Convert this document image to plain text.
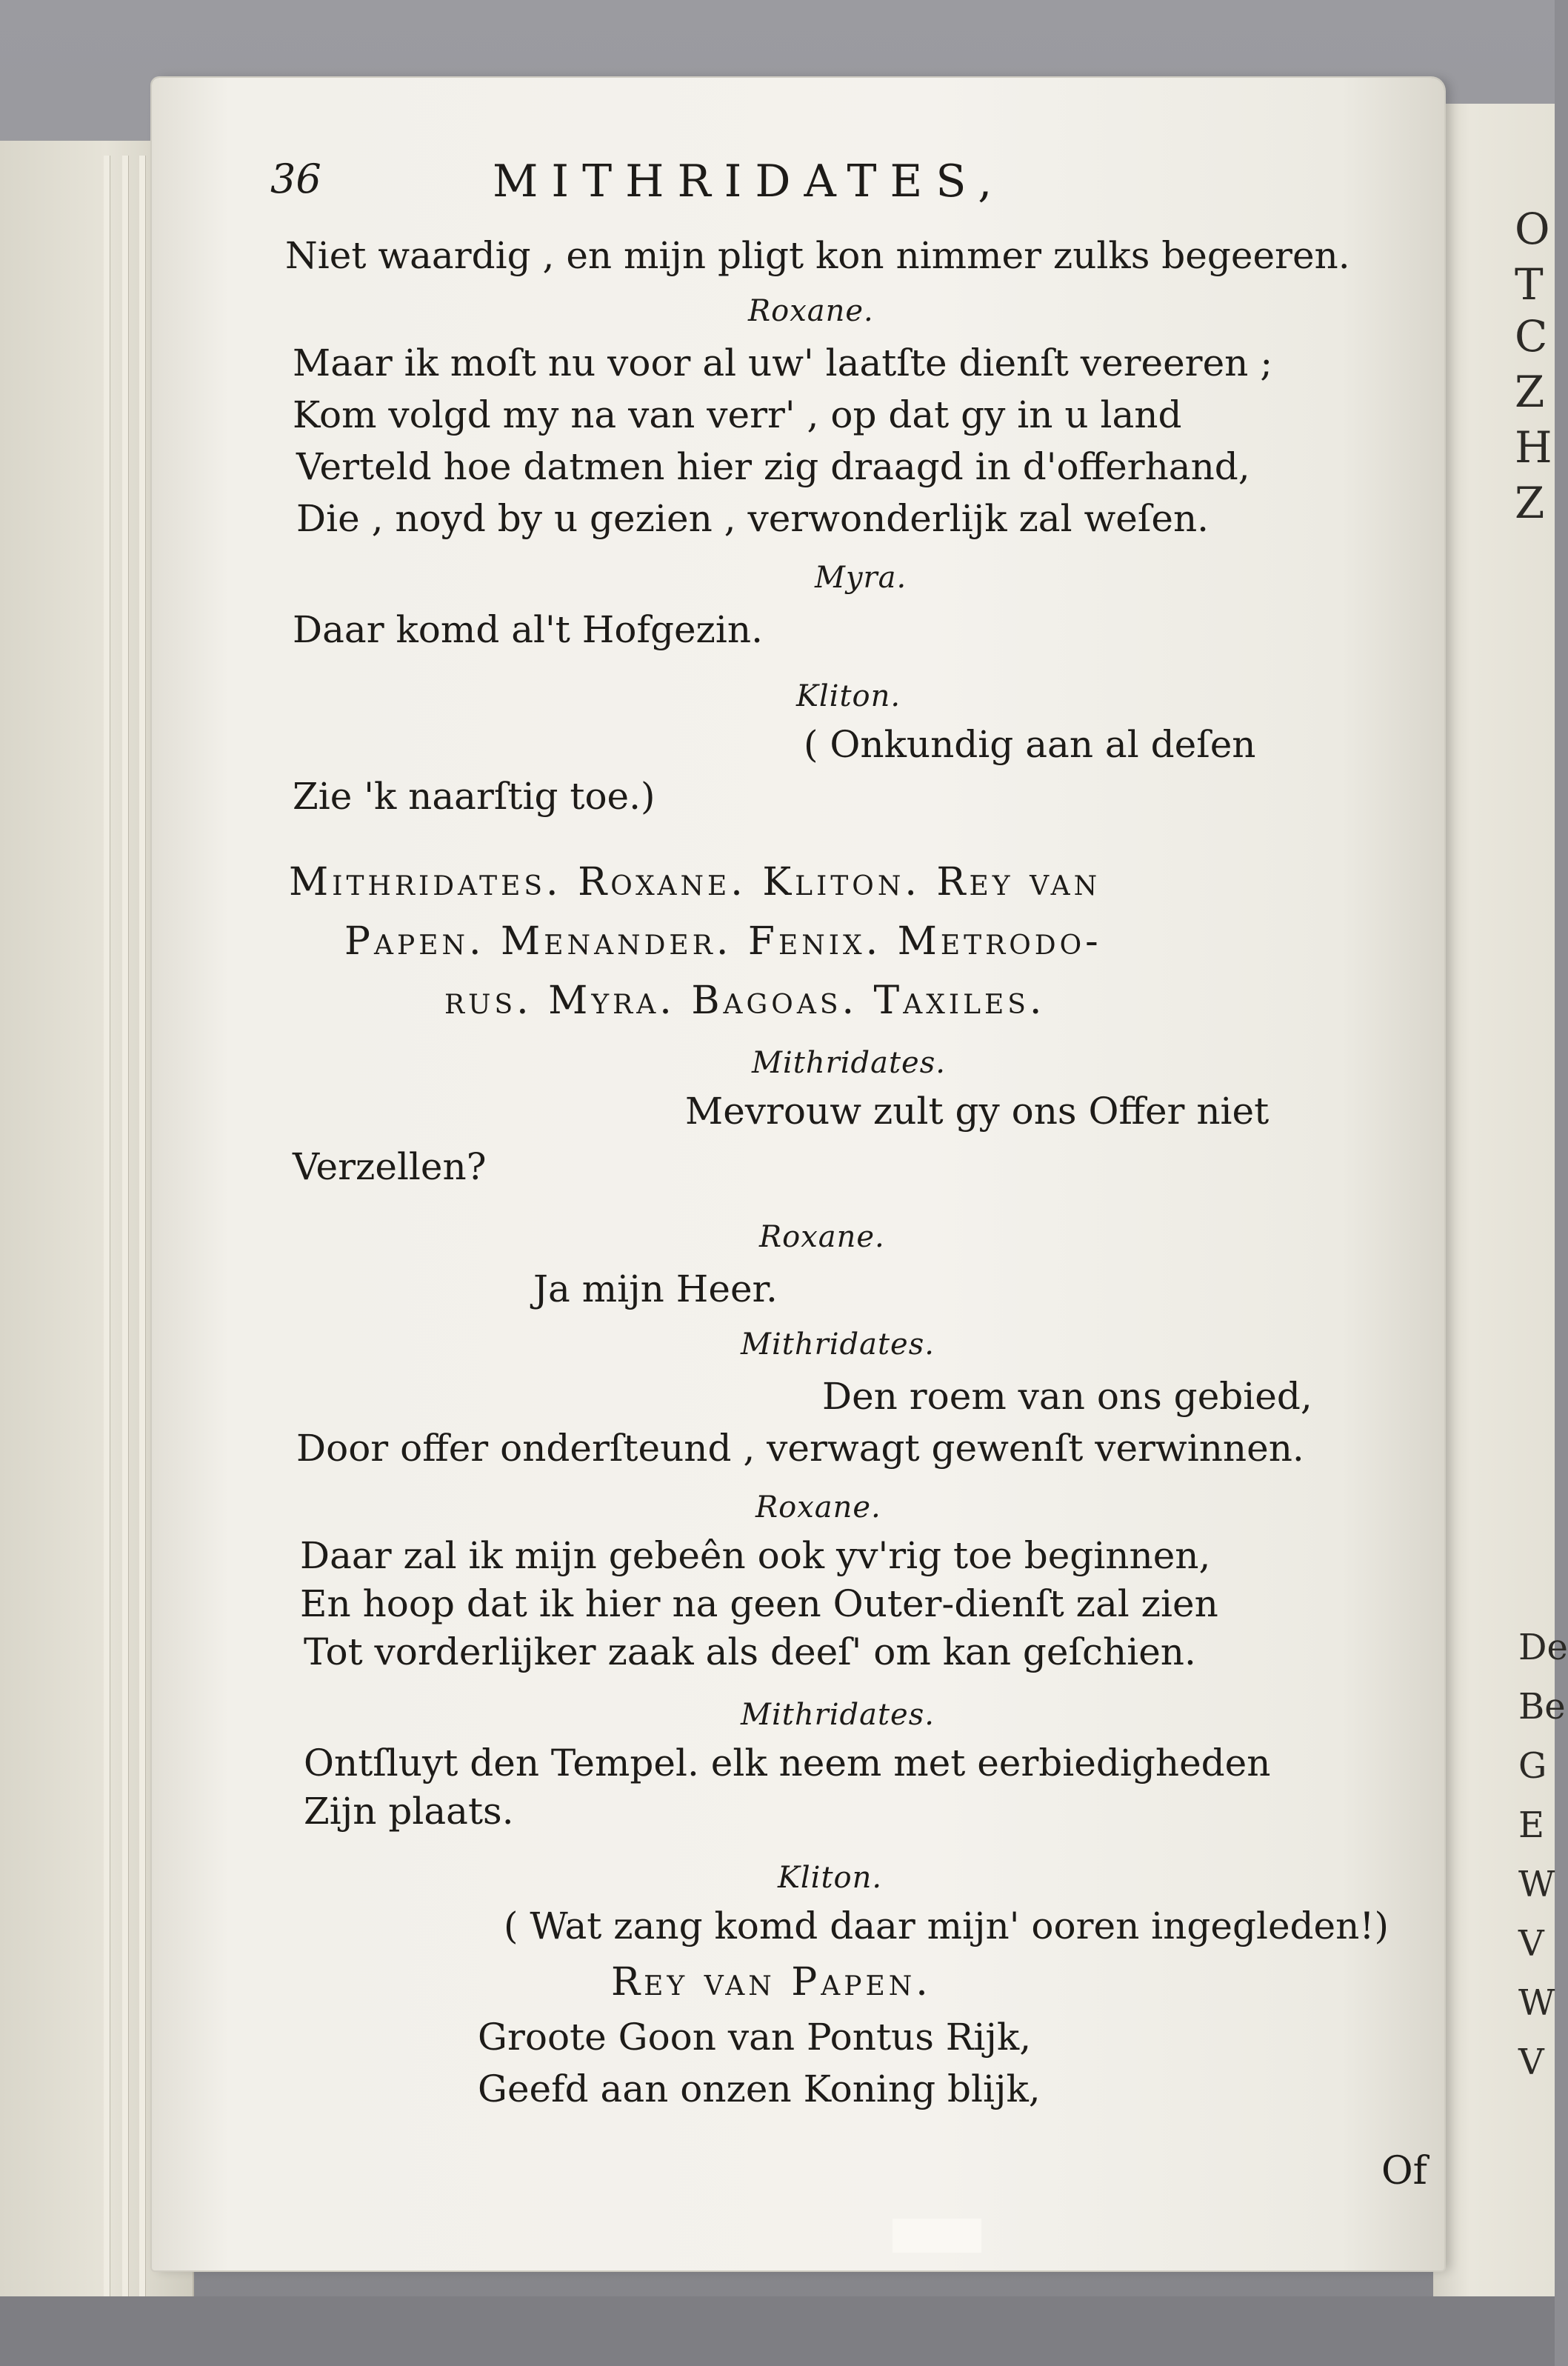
O
T
C
Z
H
Z
De
Be
G
E
W
V
W
V
36	MITHRIDATES,
Niet waardig , en mijn pligt kon nimmer zulks begeeren.
Roxane.
Maar ik moſt nu voor al uw' laatſte dienſt vereeren ;
Kom volgd my na van verr' , op dat gy in u land
Verteld hoe datmen hier zig draagd in d'offerhand,
Die , noyd by u gezien , verwonderlijk zal weſen.
Myra.
Daar komd al't Hofgezin.
Kliton.
( Onkundig aan al deſen
Zie 'k naarſtig toe.)
Mithridates. Roxane. Kliton. Rey van
Papen. Menander. Fenix. Metrodo-
rus. Myra. Bagoas. Taxiles.
Mithridates.
Mevrouw zult gy ons Offer niet
Verzellen?
Roxane.
Ja mijn Heer.
Mithridates.
Den roem van ons gebied,
Door offer onderſteund , verwagt gewenſt verwinnen.
Roxane.
Daar zal ik mijn gebeên ook yv'rig toe beginnen,
En hoop dat ik hier na geen Outer-dienſt zal zien
Tot vorderlijker zaak als deeſ' om kan geſchien.
Mithridates.
Ontſluyt den Tempel. elk neem met eerbiedigheden
Zijn plaats.
Kliton.
( Wat zang komd daar mijn' ooren ingegleden!)
Rey van Papen.
Groote Goon van Pontus Rijk,
Geefd aan onzen Koning blijk,
Of
